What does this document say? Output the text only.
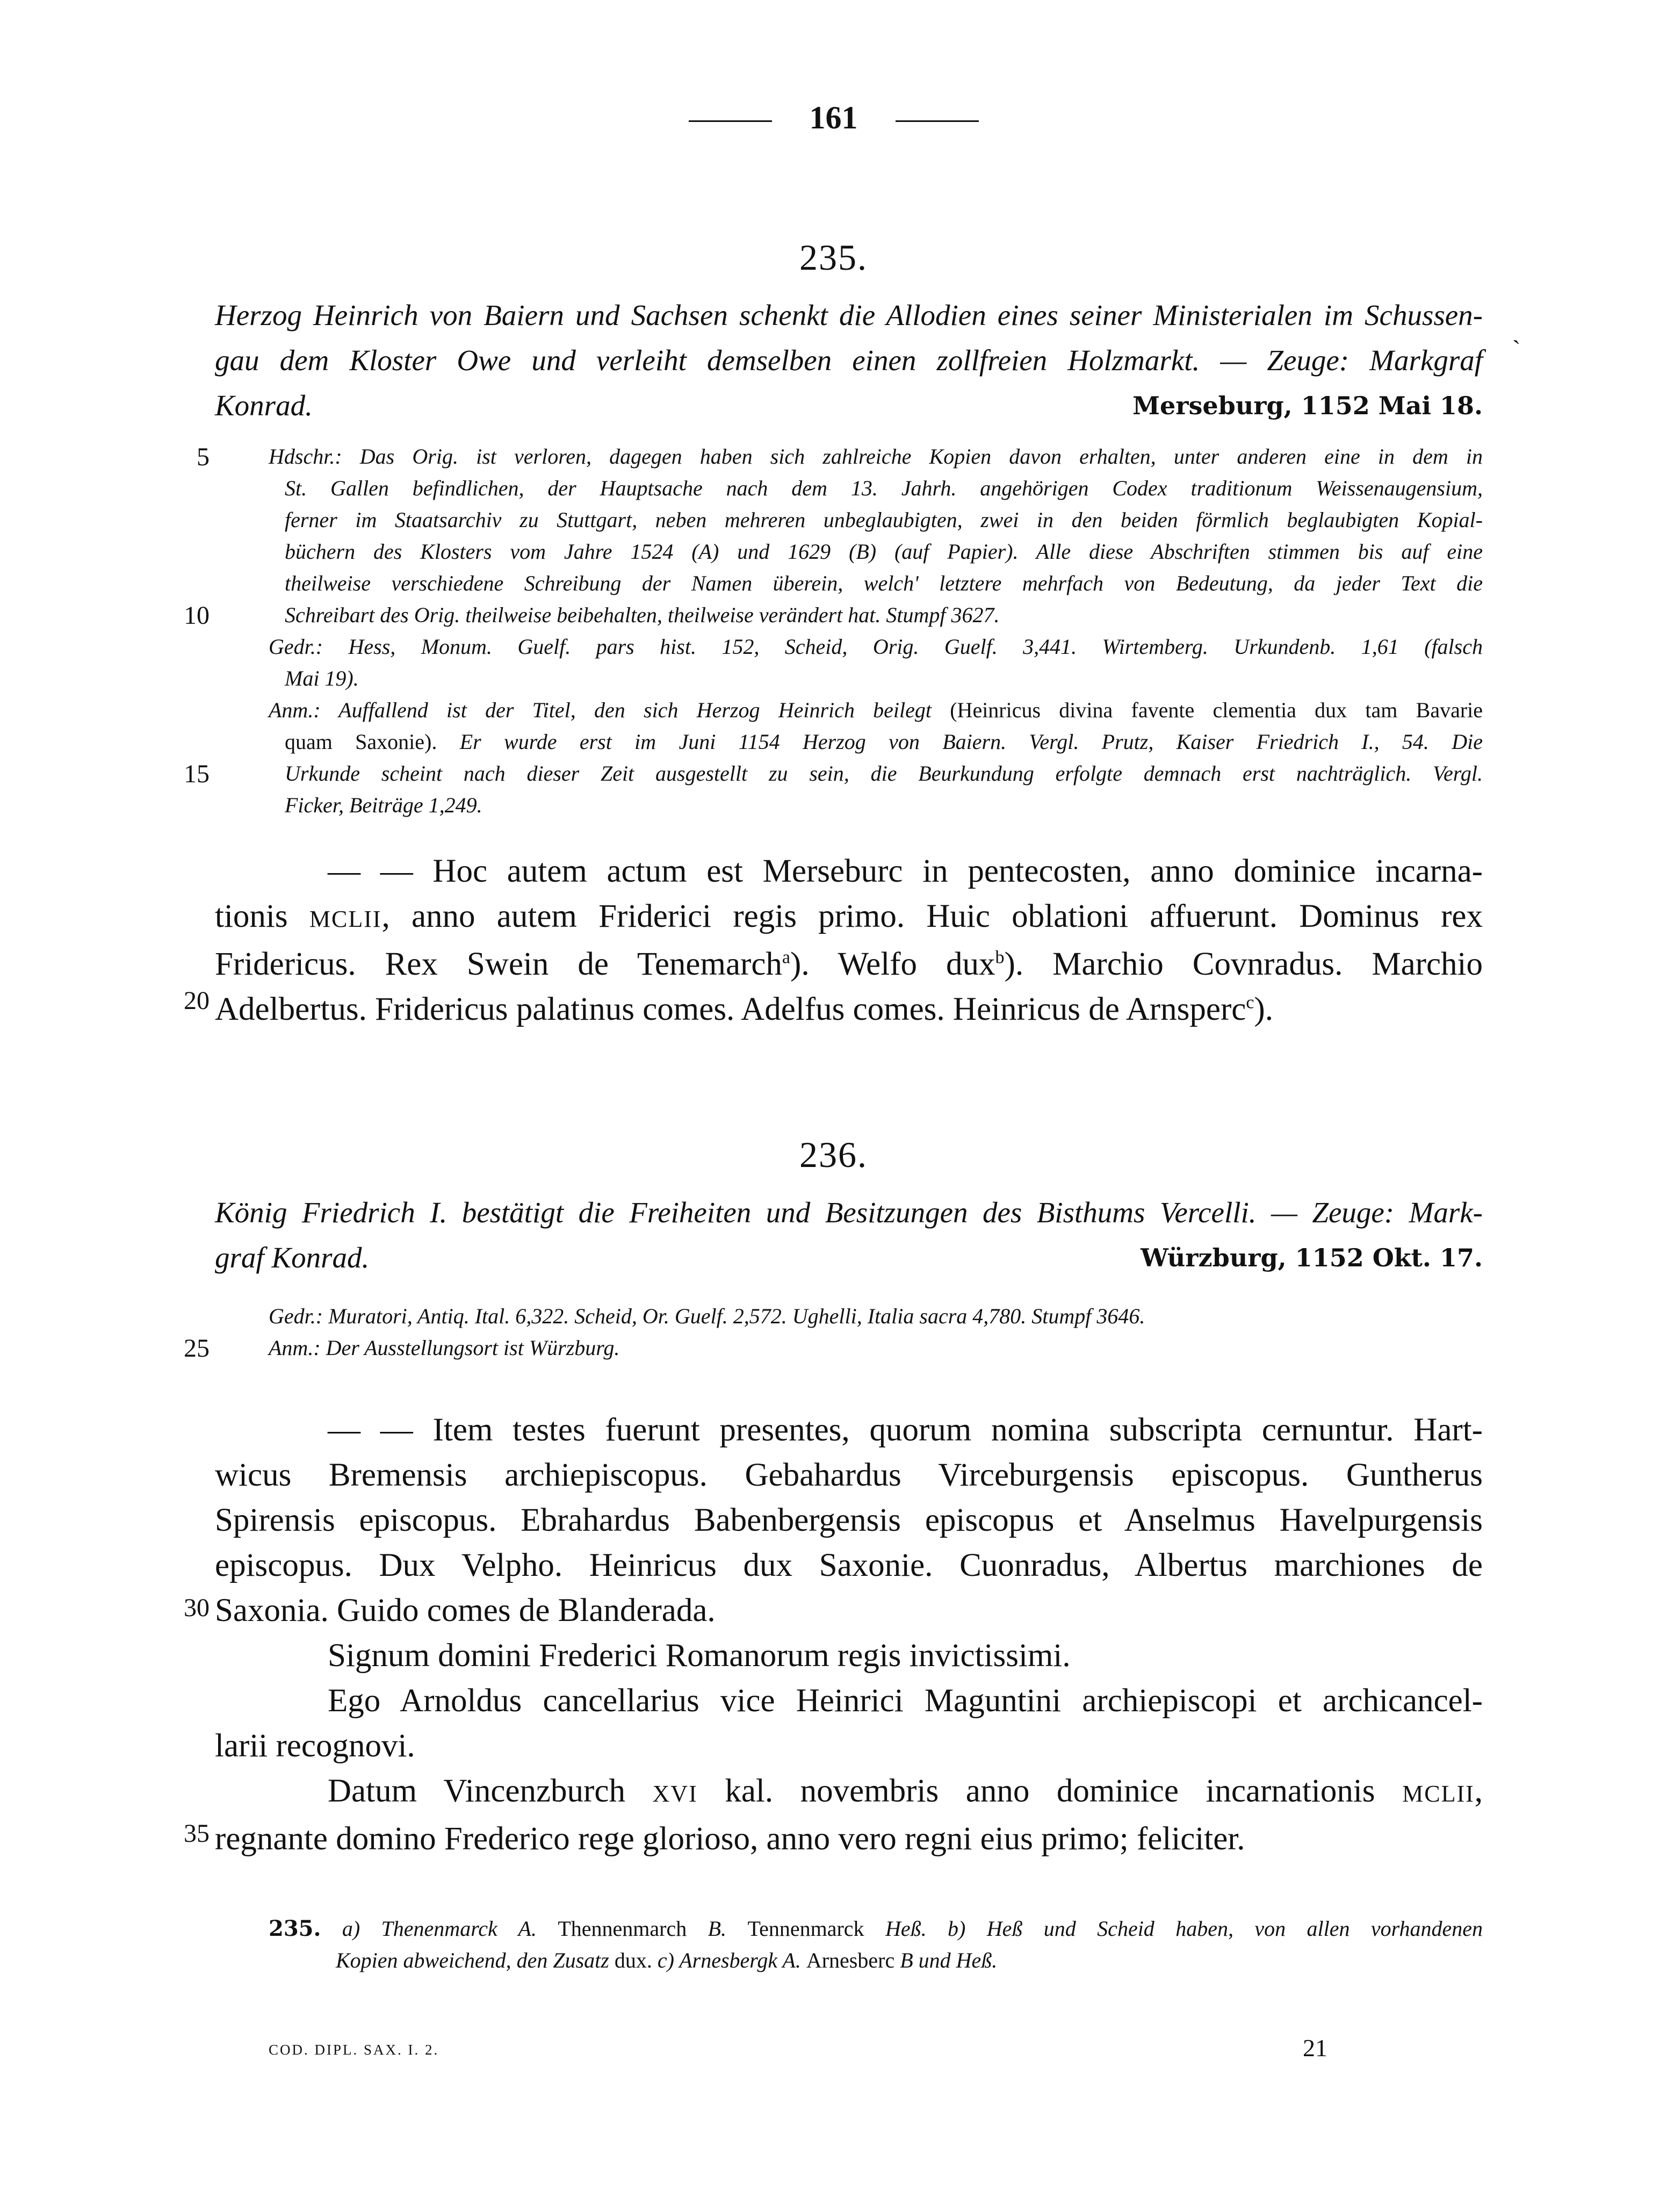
161
235.
Herzog Heinrich von Baiern und Sachsen schenkt die Allodien eines seiner Ministerialen im Schussen-
gau dem Kloster Owe und verleiht demselben einen zollfreien Holzmarkt. — Zeuge: Markgraf
Konrad.	Merseburg, 1152 Mai 18.
Hdschr.: Das Orig. ist verloren, dagegen haben sich zahlreiche Kopien davon erhalten, unter anderen eine in dem in
St. Gallen befindlichen, der Hauptsache nach dem 13. Jahrh. angehörigen Codex traditionum Weissenaugensium,
ferner im Staatsarchiv zu Stuttgart, neben mehreren unbeglaubigten, zwei in den beiden förmlich beglaubigten Kopial-
büchern des Klosters vom Jahre 1524 (A) und 1629 (B) (auf Papier). Alle diese Abschriften stimmen bis auf eine
theilweise verschiedene Schreibung der Namen überein, welch' letztere mehrfach von Bedeutung, da jeder Text die
Schreibart des Orig. theilweise beibehalten, theilweise verändert hat. Stumpf 3627.
Gedr.: Hess, Monum. Guelf. pars hist. 152, Scheid, Orig. Guelf. 3,441. Wirtemberg. Urkundenb. 1,61 (falsch
Mai 19).
Anm.: Auffallend ist der Titel, den sich Herzog Heinrich beilegt (Heinricus divina favente clementia dux tam Bavarie
quam Saxonie). Er wurde erst im Juni 1154 Herzog von Baiern. Vergl. Prutz, Kaiser Friedrich I., 54. Die
Urkunde scheint nach dieser Zeit ausgestellt zu sein, die Beurkundung erfolgte demnach erst nachträglich. Vergl.
Ficker, Beiträge 1,249.
— — Hoc autem actum est Merseburc in pentecosten, anno dominice incarna-
tionis MCLII, anno autem Friderici regis primo. Huic oblationi affuerunt. Dominus rex
Fridericus. Rex Swein de Tenemarch$^a$). Welfo dux$^b$). Marchio Covnradus. Marchio
Adelbertus. Fridericus palatinus comes. Adelfus comes. Heinricus de Arnsperc$^c$).
236.
König Friedrich I. bestätigt die Freiheiten und Besitzungen des Bisthums Vercelli. — Zeuge: Mark-
graf Konrad.	Würzburg, 1152 Okt. 17.
Gedr.: Muratori, Antiq. Ital. 6,322. Scheid, Or. Guelf. 2,572. Ughelli, Italia sacra 4,780. Stumpf 3646.
Anm.: Der Ausstellungsort ist Würzburg.
— — Item testes fuerunt presentes, quorum nomina subscripta cernuntur. Hart-
wicus Bremensis archiepiscopus. Gebahardus Virceburgensis episcopus. Guntherus
Spirensis episcopus. Ebrahardus Babenbergensis episcopus et Anselmus Havelpurgensis
episcopus. Dux Velpho. Heinricus dux Saxonie. Cuonradus, Albertus marchiones de
Saxonia. Guido comes de Blanderada.
Signum domini Frederici Romanorum regis invictissimi.
Ego Arnoldus cancellarius vice Heinrici Maguntini archiepiscopi et archicancel-
larii recognovi.
Datum Vincenzburch XVI kal. novembris anno dominice incarnationis MCLII,
regnante domino Frederico rege glorioso, anno vero regni eius primo; feliciter.
5
10
15
20
25
30
35
235. a) Thenenmarck A. Thennenmarch B. Tennenmarck Heß. b) Heß und Scheid haben, von allen vorhandenen
Kopien abweichend, den Zusatz dux. c) Arnesbergk A. Arnesberc B und Heß.
COD. DIPL. SAX. I. 2.	21
ˎ
